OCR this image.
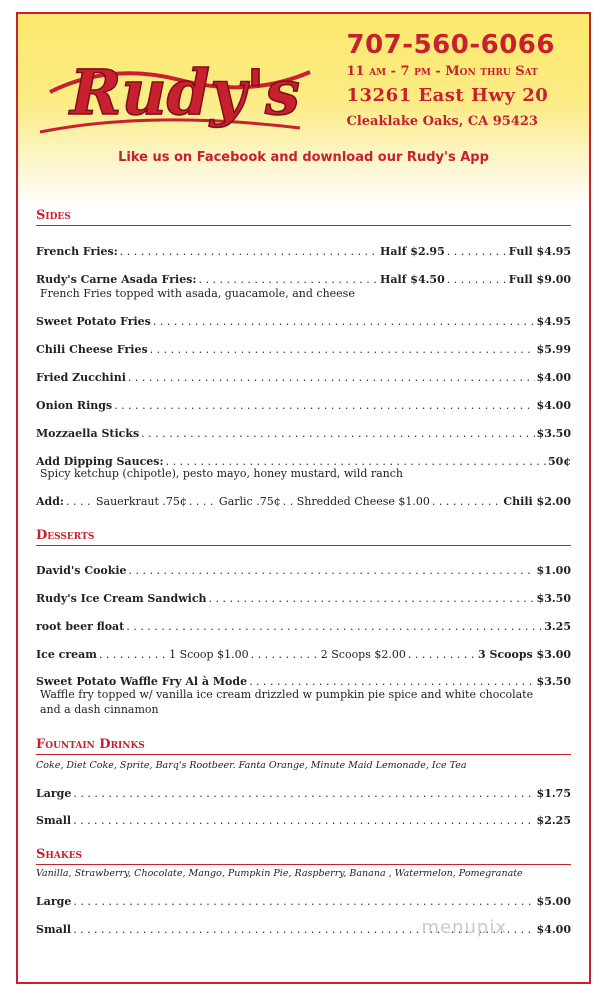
Rudy's
707-560-6066
11 am - 7 pm - Mon thru Sat
13261 East Hwy 20
Cleaklake Oaks, CA 95423
Like us on Facebook and download our Rudy's App
Sides
French Fries: . . .	Half $2.95 . . .	Full $4.95
Rudy's Carne Asada Fries: . . .	Half $4.50 . . .	Full $9.00
French Fries topped with asada, guacamole, and cheese
Sweet Potato Fries . . .	$4.95
Chili Cheese Fries . . .	$5.99
Fried Zucchini . . .	$4.00
Onion Rings . . .	$4.00
Mozzaella Sticks . . .	$3.50
Add Dipping Sauces: . . .	50¢
Spicy ketchup (chipotle), pesto mayo, honey mustard, wild ranch
Add: . . .	Sauerkraut .75¢ . . .	Garlic .75¢ . . . Shredded Cheese $1.00 . . .	Chili $2.00
Desserts
David's Cookie . . .	$1.00
Rudy's Ice Cream Sandwich . . .	$3.50
root beer float . . .	3.25
Ice cream . . .	1 Scoop $1.00 . . .	2 Scoops $2.00 . . .	3 Scoops $3.00
Sweet Potato Waffle Fry Al à Mode . . .	$3.50
Waffle fry topped w/ vanilla ice cream drizzled w pumpkin pie spice and white chocolate
and a dash cinnamon
Fountain Drinks
Coke, Diet Coke, Sprite, Barq's Rootbeer. Fanta Orange, Minute Maid Lemonade, Ice Tea
Large . . .	$1.75
Small . . .	$2.25
Shakes
Vanilla, Strawberry, Chocolate, Mango, Pumpkin Pie, Raspberry, Banana , Watermelon, Pomegranate
Large . . .	$5.00
Small . . .	$4.00
menupix
